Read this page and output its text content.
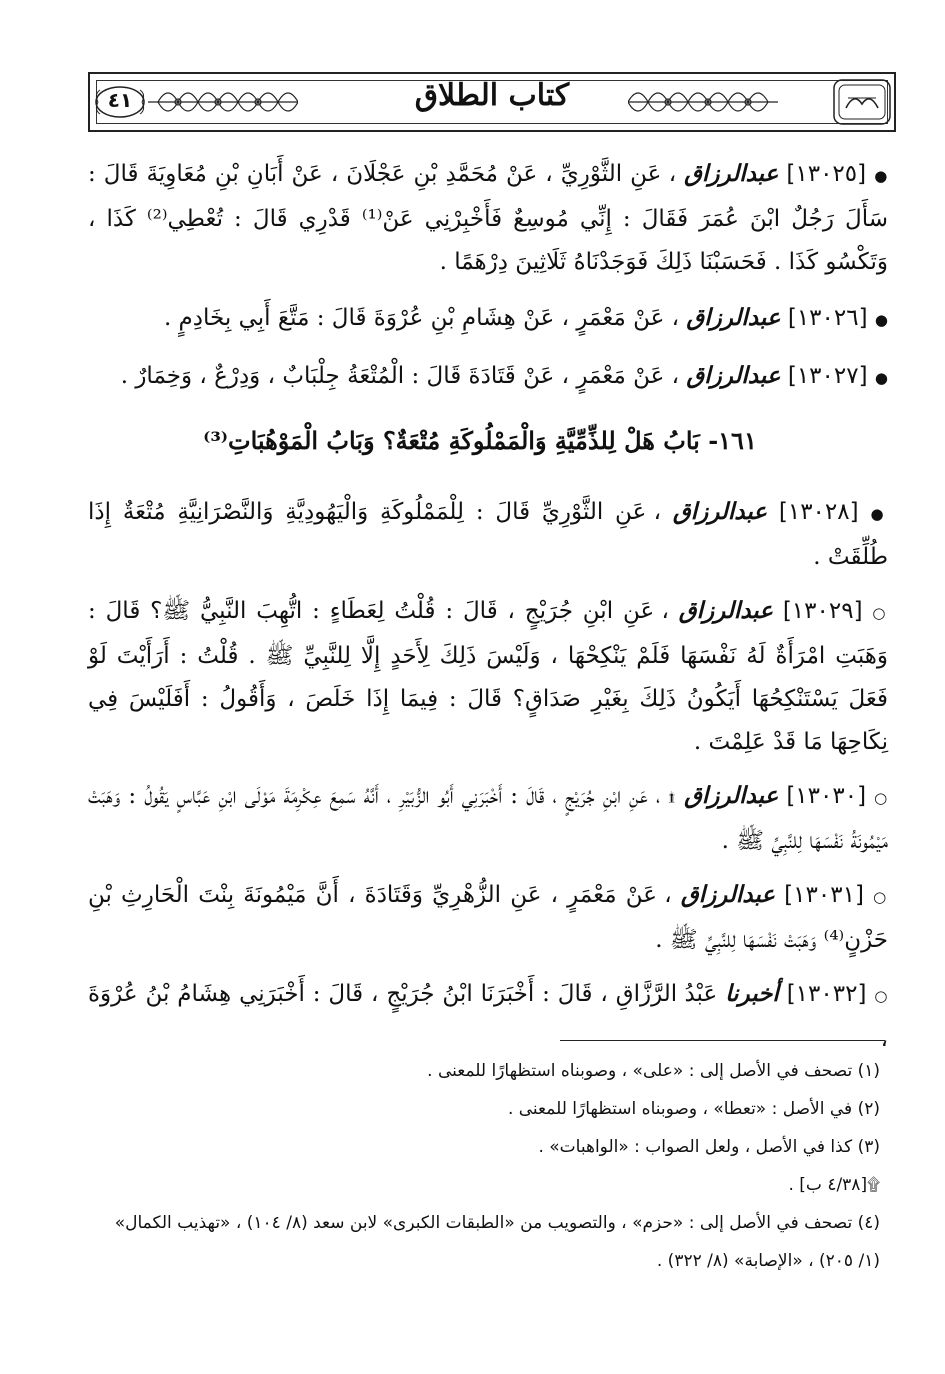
٤١	كتاب الطلاق

● [١٣٠٢٥] عبدالرزاق ، عَنِ الثَّوْرِيِّ ، عَنْ مُحَمَّدِ بْنِ عَجْلَانَ ، عَنْ أَبَانِ بْنِ مُعَاوِيَةَ قَالَ : سَأَلَ رَجُلٌ ابْنَ عُمَرَ فَقَالَ : إِنِّي مُوسِعٌ فَأَخْبِرْنِي عَنْ⁽¹⁾ قَدْرِي قَالَ : تُعْطِي⁽²⁾ كَذَا ، وَتَكْسُو كَذَا . فَحَسَبْنَا ذَلِكَ فَوَجَدْنَاهُ ثَلَاثِينَ دِرْهَمًا .

● [١٣٠٢٦] عبدالرزاق ، عَنْ مَعْمَرٍ ، عَنْ هِشَامِ بْنِ عُرْوَةَ قَالَ : مَتَّعَ أَبِي بِخَادِمٍ .

● [١٣٠٢٧] عبدالرزاق ، عَنْ مَعْمَرٍ ، عَنْ قَتَادَةَ قَالَ : الْمُتْعَةُ جِلْبَابٌ ، وَدِرْعٌ ، وَخِمَارٌ .

١٦١- بَابُ هَلْ لِلذِّمِّيَّةِ وَالْمَمْلُوكَةِ مُتْعَةٌ؟ وَبَابُ الْمَوْهُبَاتِ⁽³⁾

● [١٣٠٢٨] عبدالرزاق ، عَنِ الثَّوْرِيِّ قَالَ : لِلْمَمْلُوكَةِ وَالْيَهُودِيَّةِ وَالنَّصْرَانِيَّةِ مُتْعَةٌ إِذَا طُلِّقَتْ .

○ [١٣٠٢٩] عبدالرزاق ، عَنِ ابْنِ جُرَيْجٍ ، قَالَ : قُلْتُ لِعَطَاءٍ : اتُّهِبَ النَّبِيُّ ﷺ؟ قَالَ : وَهَبَتِ امْرَأَةٌ لَهُ نَفْسَهَا فَلَمْ يَنْكِحْهَا ، وَلَيْسَ ذَلِكَ لِأَحَدٍ إِلَّا لِلنَّبِيِّ ﷺ . قُلْتُ : أَرَأَيْتَ لَوْ فَعَلَ يَسْتَنْكِحُهَا أَيَكُونُ ذَلِكَ بِغَيْرِ صَدَاقٍ؟ قَالَ : فِيمَا إِذَا خَلَصَ ، وَأَقُولُ : أَفَلَيْسَ فِي نِكَاحِهَا مَا قَدْ عَلِمْتَ .

○ [١٣٠٣٠] عبدالرزاق ۩ ، عَنِ ابْنِ جُرَيْجٍ ، قَالَ : أَخْبَرَنِي أَبُو الزُّبَيْرِ ، أَنَّهُ سَمِعَ عِكْرِمَةَ مَوْلَى ابْنِ عَبَّاسٍ يَقُولُ : وَهَبَتْ مَيْمُونَةُ نَفْسَهَا لِلنَّبِيِّ ﷺ .

○ [١٣٠٣١] عبدالرزاق ، عَنْ مَعْمَرٍ ، عَنِ الزُّهْرِيِّ وَقَتَادَةَ ، أَنَّ مَيْمُونَةَ بِنْتَ الْحَارِثِ بْنِ حَزْنٍ⁽⁴⁾ وَهَبَتْ نَفْسَهَا لِلنَّبِيِّ ﷺ .

○ [١٣٠٣٢] أخبرنا عَبْدُ الرَّزَّاقِ ، قَالَ : أَخْبَرَنَا ابْنُ جُرَيْجٍ ، قَالَ : أَخْبَرَنِي هِشَامُ بْنُ عُرْوَةَ ،

(١) تصحف في الأصل إلى : «على» ، وصوبناه استظهارًا للمعنى .

(٢) في الأصل : «تعطا» ، وصوبناه استظهارًا للمعنى .

(٣) كذا في الأصل ، ولعل الصواب : «الواهبات» .

۩[٤/٣٨ ب] .

(٤) تصحف في الأصل إلى : «حزم» ، والتصويب من «الطبقات الكبرى» لابن سعد (٨/ ١٠٤) ، «تهذيب الكمال» (١/ ٢٠٥) ، «الإصابة» (٨/ ٣٢٢) .
